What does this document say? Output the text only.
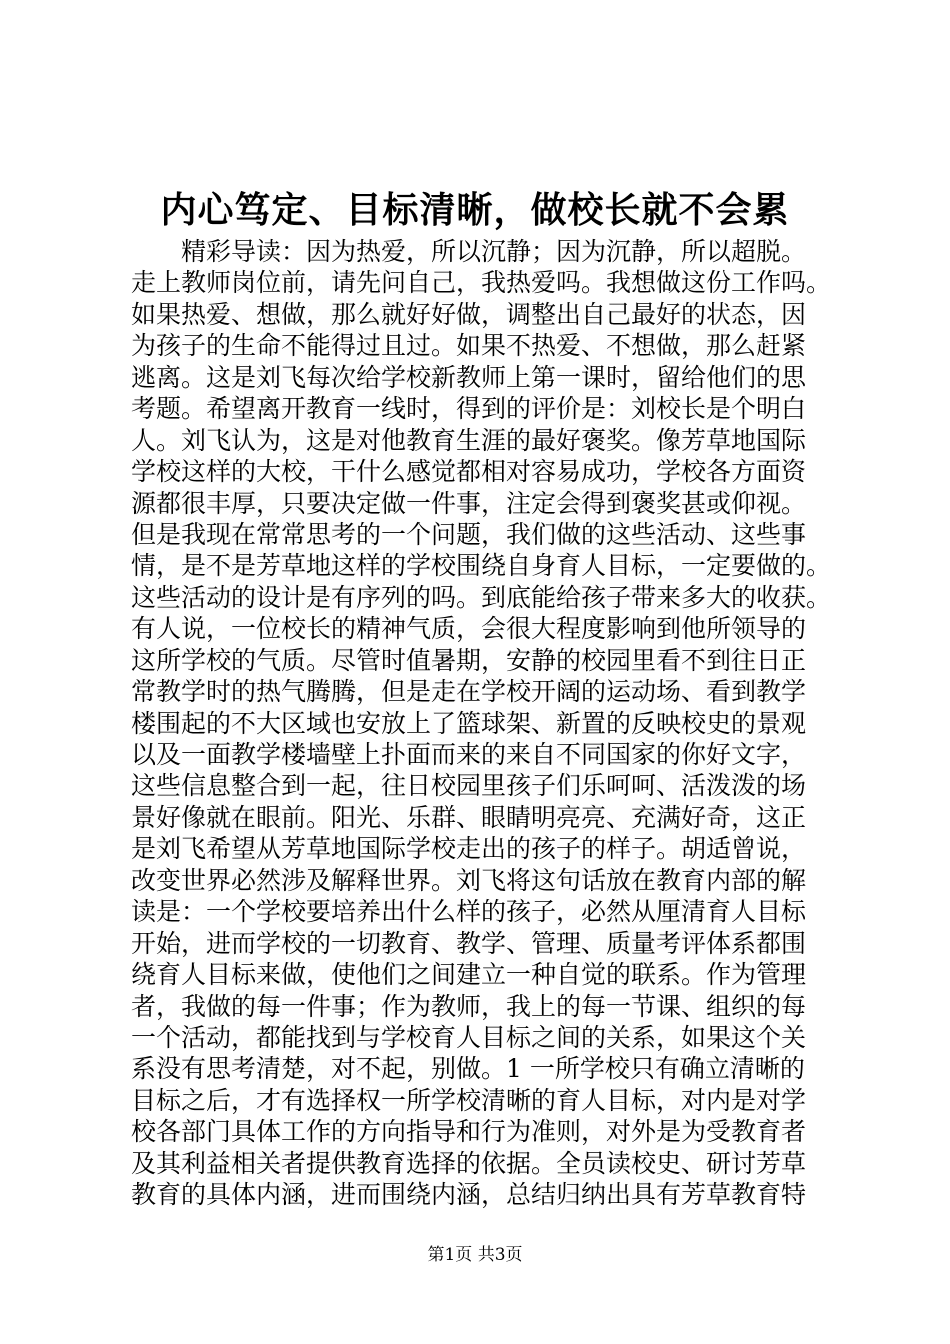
内心笃定、目标清晰，做校长就不会累
精彩导读：因为热爱，所以沉静；因为沉静，所以超脱。
走上教师岗位前，请先问自己，我热爱吗。我想做这份工作吗。
如果热爱、想做，那么就好好做，调整出自己最好的状态，因
为孩子的生命不能得过且过。如果不热爱、不想做，那么赶紧
逃离。这是刘飞每次给学校新教师上第一课时，留给他们的思
考题。希望离开教育一线时，得到的评价是：刘校长是个明白
人。刘飞认为，这是对他教育生涯的最好褒奖。像芳草地国际
学校这样的大校，干什么感觉都相对容易成功，学校各方面资
源都很丰厚，只要决定做一件事，注定会得到褒奖甚或仰视。
但是我现在常常思考的一个问题，我们做的这些活动、这些事
情，是不是芳草地这样的学校围绕自身育人目标，一定要做的。
这些活动的设计是有序列的吗。到底能给孩子带来多大的收获。
有人说，一位校长的精神气质，会很大程度影响到他所领导的
这所学校的气质。尽管时值暑期，安静的校园里看不到往日正
常教学时的热气腾腾，但是走在学校开阔的运动场、看到教学
楼围起的不大区域也安放上了篮球架、新置的反映校史的景观
以及一面教学楼墙壁上扑面而来的来自不同国家的你好文字，
这些信息整合到一起，往日校园里孩子们乐呵呵、活泼泼的场
景好像就在眼前。阳光、乐群、眼睛明亮亮、充满好奇，这正
是刘飞希望从芳草地国际学校走出的孩子的样子。胡适曾说，
改变世界必然涉及解释世界。刘飞将这句话放在教育内部的解
读是：一个学校要培养出什么样的孩子，必然从厘清育人目标
开始，进而学校的一切教育、教学、管理、质量考评体系都围
绕育人目标来做，使他们之间建立一种自觉的联系。作为管理
者，我做的每一件事；作为教师，我上的每一节课、组织的每
一个活动，都能找到与学校育人目标之间的关系，如果这个关
系没有思考清楚，对不起，别做。1 一所学校只有确立清晰的
目标之后，才有选择权一所学校清晰的育人目标，对内是对学
校各部门具体工作的方向指导和行为准则，对外是为受教育者
及其利益相关者提供教育选择的依据。全员读校史、研讨芳草
教育的具体内涵，进而围绕内涵，总结归纳出具有芳草教育特
第1页 共3页
